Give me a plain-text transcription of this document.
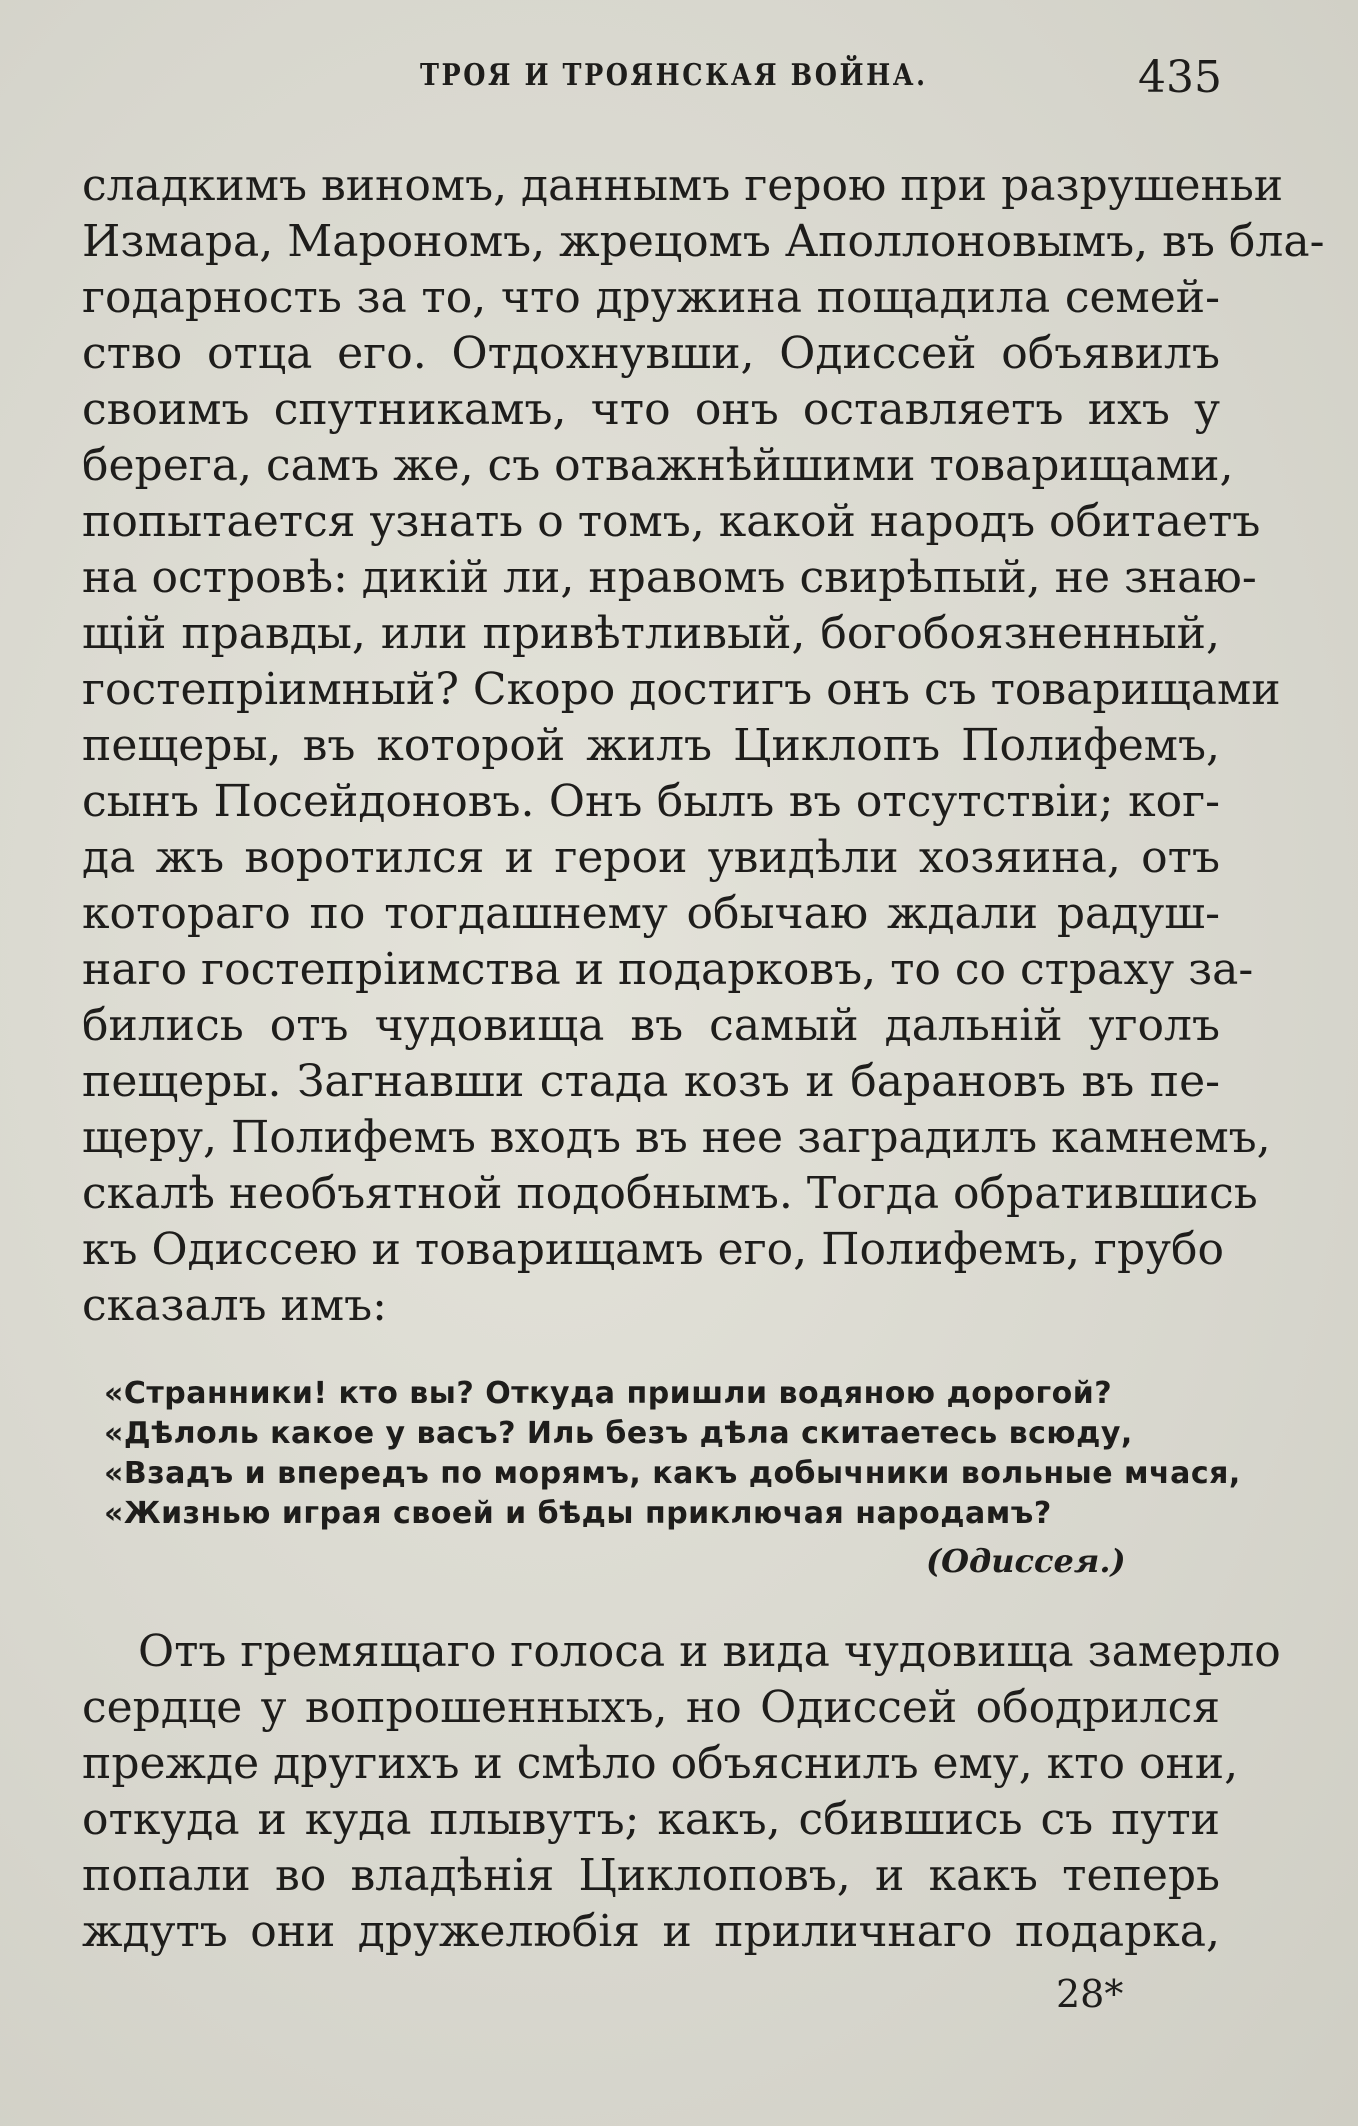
ТРОЯ И ТРОЯНСКАЯ ВОЙНА.	435
сладкимъ виномъ, даннымъ герою при разрушеньи
Измара, Марономъ, жрецомъ Аполлоновымъ, въ бла-
годарность за то, что дружина пощадила семей-
ство отца его. Отдохнувши, Одиссей объявилъ
своимъ спутникамъ, что онъ оставляетъ ихъ у
берега, самъ же, съ отважнѣйшими товарищами,
попытается узнать о томъ, какой народъ обитаетъ
на островѣ: дикій ли, нравомъ свирѣпый, не знаю-
щій правды, или привѣтливый, богобоязненный,
гостепріимный? Скоро достигъ онъ съ товарищами
пещеры, въ которой жилъ Циклопъ Полифемъ,
сынъ Посейдоновъ. Онъ былъ въ отсутствіи; ког-
да жъ воротился и герои увидѣли хозяина, отъ
котораго по тогдашнему обычаю ждали радуш-
наго гостепріимства и подарковъ, то со страху за-
бились отъ чудовища въ самый дальній уголъ
пещеры. Загнавши стада козъ и барановъ въ пе-
щеру, Полифемъ входъ въ нее заградилъ камнемъ,
скалѣ необъятной подобнымъ. Тогда обратившись
къ Одиссею и товарищамъ его, Полифемъ, грубо
сказалъ имъ:
«Странники! кто вы? Откуда пришли водяною дорогой?
«Дѣлоль какое у васъ? Иль безъ дѣла скитаетесь всюду,
«Взадъ и впередъ по морямъ, какъ добычники вольные мчася,
«Жизнью играя своей и бѣды приключая народамъ?
(Одиссея.)
Отъ гремящаго голоса и вида чудовища замерло
сердце у вопрошенныхъ, но Одиссей ободрился
прежде другихъ и смѣло объяснилъ ему, кто они,
откуда и куда плывутъ; какъ, сбившись съ пути
попали во владѣнія Циклоповъ, и какъ теперь
ждутъ они дружелюбія и приличнаго подарка,
28*
